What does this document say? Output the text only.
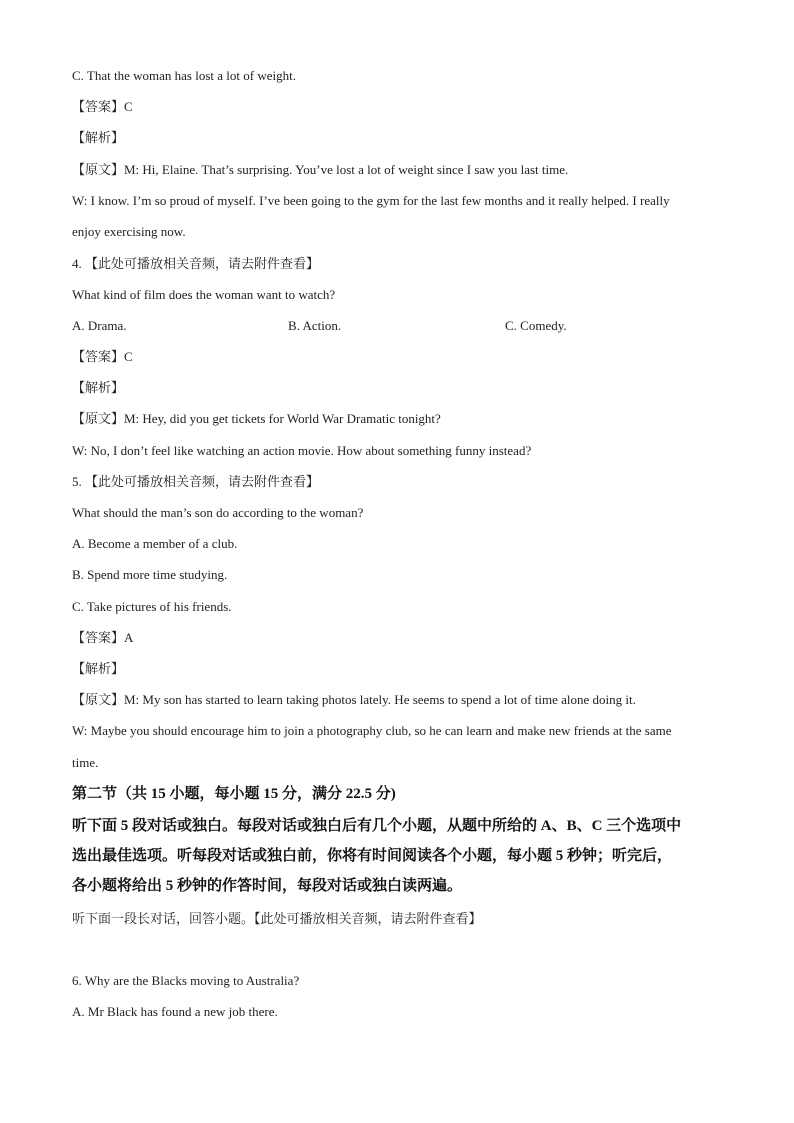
C. That the woman has lost a lot of weight.
【答案】C
【解析】
【原文】M: Hi, Elaine. That’s surprising. You’ve lost a lot of weight since I saw you last time.
W: I know. I’m so proud of myself. I’ve been going to the gym for the last few months and it really helped. I really
enjoy exercising now.
4. 【此处可播放相关音频，请去附件查看】
What kind of film does the woman want to watch?
A. Drama.	B. Action.	C. Comedy.
【答案】C
【解析】
【原文】M: Hey, did you get tickets for World War Dramatic tonight?
W: No, I don’t feel like watching an action movie. How about something funny instead?
5. 【此处可播放相关音频，请去附件查看】
What should the man’s son do according to the woman?
A. Become a member of a club.
B. Spend more time studying.
C. Take pictures of his friends.
【答案】A
【解析】
【原文】M: My son has started to learn taking photos lately. He seems to spend a lot of time alone doing it.
W: Maybe you should encourage him to join a photography club, so he can learn and make new friends at the same
time.
第二节（共 15 小题，每小题 15 分，满分 22.5 分)
听下面 5 段对话或独白。每段对话或独白后有几个小题，从题中所给的 A、B、C 三个选项中
选出最佳选项。听每段对话或独白前，你将有时间阅读各个小题，每小题 5 秒钟；听完后，
各小题将给出 5 秒钟的作答时间，每段对话或独白读两遍。
听下面一段长对话，回答小题。【此处可播放相关音频，请去附件查看】
6. Why are the Blacks moving to Australia?
A. Mr Black has found a new job there.
